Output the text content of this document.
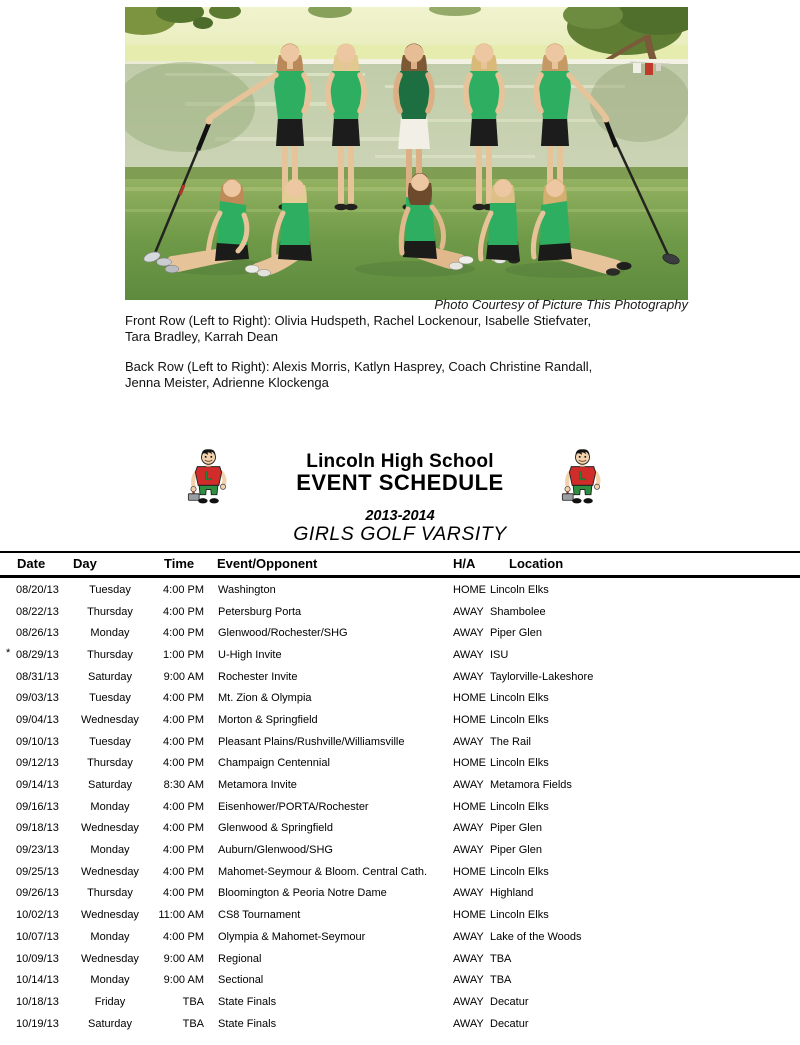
Photo Courtesy of Picture This Photography
Front Row (Left to Right): Olivia Hudspeth, Rachel Lockenour, Isabelle Stiefvater,
Tara Bradley, Karrah Dean
Back Row (Left to Right): Alexis Morris, Katlyn Hasprey, Coach Christine Randall,
Jenna Meister, Adrienne Klockenga
Lincoln High School
EVENT SCHEDULE
2013-2014
GIRLS GOLF VARSITY
Date Day	Time Event/Opponent	H/A	Location
08/20/13	Tuesday	4:00 PM Washington	HOME Lincoln Elks
08/22/13	Thursday	4:00 PM Petersburg Porta	AWAY Shambolee
08/26/13	Monday	4:00 PM Glenwood/Rochester/SHG	AWAY Piper Glen
* 08/29/13	Thursday	1:00 PM U-High Invite	AWAY ISU
08/31/13	Saturday	9:00 AM Rochester Invite	AWAY Taylorville-Lakeshore
09/03/13	Tuesday	4:00 PM Mt. Zion & Olympia	HOME Lincoln Elks
09/04/13	Wednesday	4:00 PM Morton & Springfield	HOME Lincoln Elks
09/10/13	Tuesday	4:00 PM Pleasant Plains/Rushville/Williamsville	AWAY The Rail
09/12/13	Thursday	4:00 PM Champaign Centennial	HOME Lincoln Elks
09/14/13	Saturday	8:30 AM Metamora Invite	AWAY Metamora Fields
09/16/13	Monday	4:00 PM Eisenhower/PORTA/Rochester	HOME Lincoln Elks
09/18/13	Wednesday	4:00 PM Glenwood & Springfield	AWAY Piper Glen
09/23/13	Monday	4:00 PM Auburn/Glenwood/SHG	AWAY Piper Glen
09/25/13	Wednesday	4:00 PM Mahomet-Seymour & Bloom. Central Cath.	HOME Lincoln Elks
09/26/13	Thursday	4:00 PM Bloomington & Peoria Notre Dame	AWAY Highland
10/02/13	Wednesday	11:00 AM CS8 Tournament	HOME Lincoln Elks
10/07/13	Monday	4:00 PM Olympia & Mahomet-Seymour	AWAY Lake of the Woods
10/09/13	Wednesday	9:00 AM Regional	AWAY TBA
10/14/13	Monday	9:00 AM Sectional	AWAY TBA
10/18/13	Friday	TBA State Finals	AWAY Decatur
10/19/13	Saturday	TBA State Finals	AWAY Decatur
